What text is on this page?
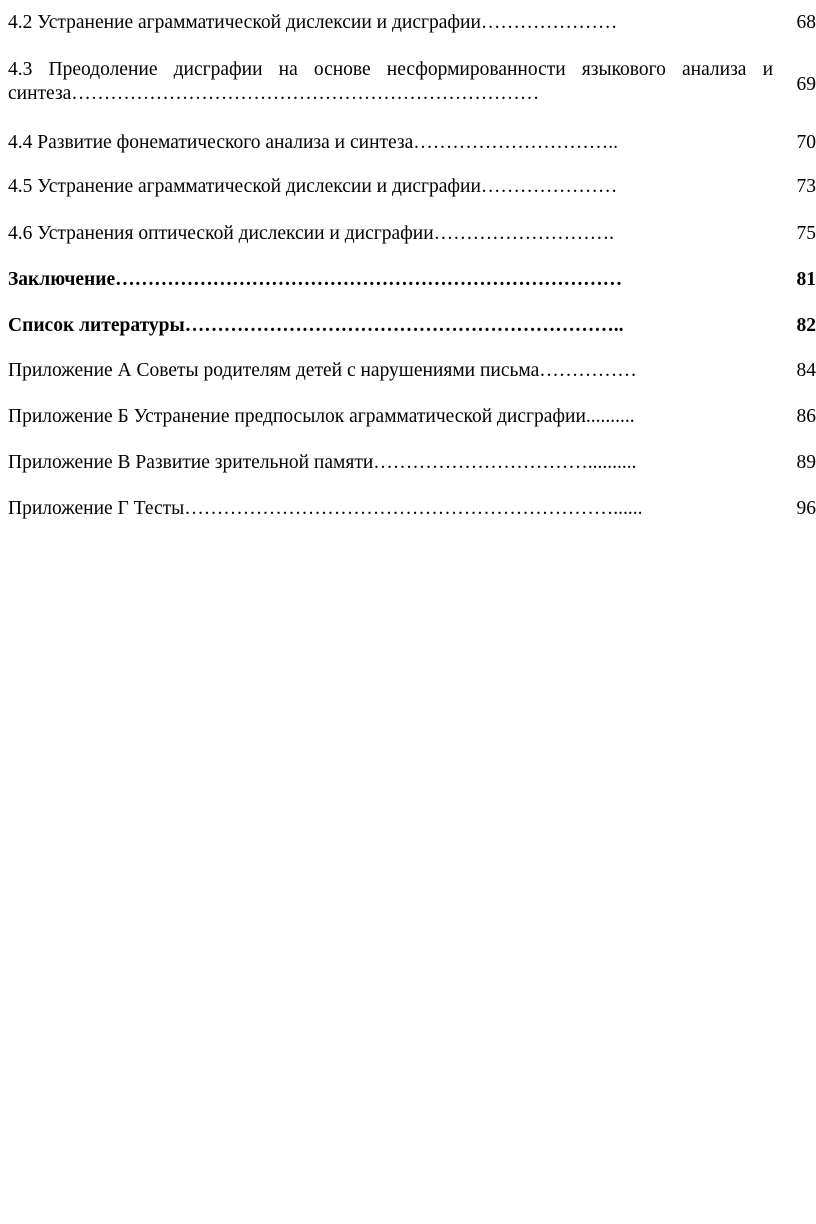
4.2 Устранение аграмматической дислексии и дисграфии…………………	68
4.3 Преодоление дисграфии на основе несформированности языкового анализа и синтеза………………………………………………………………	69
4.4 Развитие фонематического анализа и синтеза…………………………..	70
4.5 Устранение аграмматической дислексии и дисграфии…………………	73
4.6 Устранения оптической дислексии и дисграфии……………………….	75
Заключение……………………………………………………………………	81
Список литературы…………………………………………………………..	82
Приложение А Советы родителям детей с нарушениями письма……………	84
Приложение Б Устранение предпосылок аграмматической дисграфии..........	86
Приложение В Развитие зрительной памяти……………………………..........	89
Приложение Г Тесты…………………………………………………………......	96
